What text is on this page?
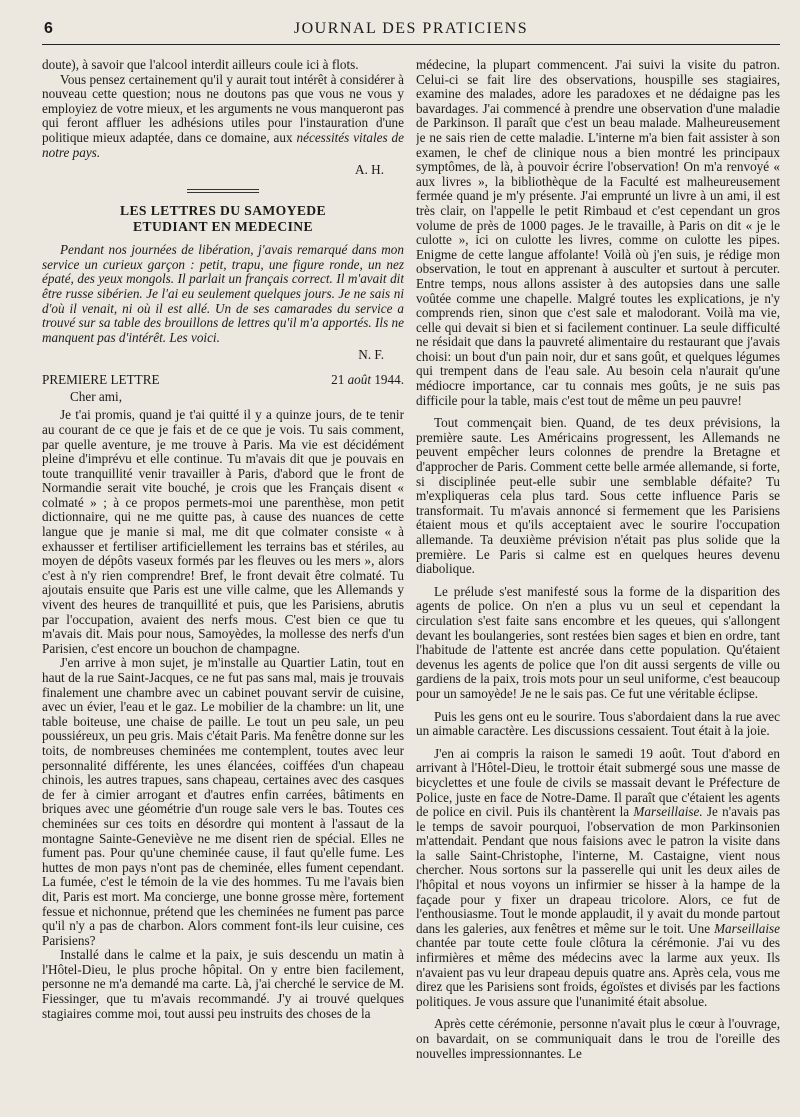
6	JOURNAL DES PRATICIENS

doute), à savoir que l'alcool interdit ailleurs coule ici à flots.

Vous pensez certainement qu'il y aurait tout intérêt à considérer à nouveau cette question; nous ne doutons pas que vous ne vous y employiez de votre mieux, et les arguments ne vous manqueront pas qui feront affluer les adhésions utiles pour l'instauration d'une politique mieux adaptée, dans ce domaine, aux nécessités vitales de notre pays.

A. H.
LES LETTRES DU SAMOYEDE
ETUDIANT EN MEDECINE

Pendant nos journées de libération, j'avais remarqué dans mon service un curieux garçon : petit, trapu, une figure ronde, un nez épaté, des yeux mongols. Il parlait un français correct. Il m'avait dit être russe sibérien. Je l'ai eu seulement quelques jours. Je ne sais ni d'où il venait, ni où il est allé. Un de ses camarades du service a trouvé sur sa table des brouillons de lettres qu'il m'a apportés. Ils ne manquent pas d'intérêt. Les voici.

N. F.
PREMIERE LETTRE	21 août 1944.
Cher ami,

Je t'ai promis, quand je t'ai quitté il y a quinze jours, de te tenir au courant de ce que je fais et de ce que je vois. Tu sais comment, par quelle aventure, je me trouve à Paris. Ma vie est décidément pleine d'imprévu et elle continue. Tu m'avais dit que je pouvais en toute tranquillité venir travailler à Paris, d'abord que le front de Normandie serait vite bouché, je crois que les Français disent « colmaté » ; à ce propos permets-moi une parenthèse, mon petit dictionnaire, qui ne me quitte pas, à cause des nuances de cette langue que je manie si mal, me dit que colmater consiste « à exhausser et fertiliser artificiellement les terrains bas et stériles, au moyen de dépôts vaseux formés par les fleuves ou les mers », alors c'est à n'y rien comprendre! Bref, le front devait être colmaté. Tu ajoutais ensuite que Paris est une ville calme, que les Allemands y vivent des heures de tranquillité et puis, que les Parisiens, abrutis par l'occupation, avaient des nerfs mous. C'est bien ce que tu m'avais dit. Mais pour nous, Samoyèdes, la mollesse des nerfs d'un Parisien, c'est encore un bouchon de champagne.

J'en arrive à mon sujet, je m'installe au Quartier Latin, tout en haut de la rue Saint-Jacques, ce ne fut pas sans mal, mais je trouvais finalement une chambre avec un cabinet pouvant servir de cuisine, avec un évier, l'eau et le gaz. Le mobilier de la chambre: un lit, une table boiteuse, une chaise de paille. Le tout un peu sale, un peu poussiéreux, un peu gris. Mais c'était Paris. Ma fenêtre donne sur les toits, de nombreuses cheminées me contemplent, toutes avec leur personnalité différente, les unes élancées, coiffées d'un chapeau chinois, les autres trapues, sans chapeau, certaines avec des casques de fer à cimier arrogant et d'autres enfin carrées, bâtiments en briques avec une géométrie d'un rouge sale vers le bas. Toutes ces cheminées sur ces toits en désordre qui montent à l'assaut de la montagne Sainte-Geneviève ne me disent rien de spécial. Elles ne fument pas. Pour qu'une cheminée cause, il faut qu'elle fume. Les huttes de mon pays n'ont pas de cheminée, elles fument cependant. La fumée, c'est le témoin de la vie des hommes. Tu me l'avais bien dit, Paris est mort. Ma concierge, une bonne grosse mère, fortement fessue et nichonnue, prétend que les cheminées ne fument pas parce qu'il n'y a pas de charbon. Alors comment font-ils leur cuisine, ces Parisiens?

Installé dans le calme et la paix, je suis descendu un matin à l'Hôtel-Dieu, le plus proche hôpital. On y entre bien facilement, personne ne m'a demandé ma carte. Là, j'ai cherché le service de M. Fiessinger, que tu m'avais recommandé. J'y ai trouvé quelques stagiaires comme moi, tout aussi peu instruits des choses de la

médecine, la plupart commencent. J'ai suivi la visite du patron. Celui-ci se fait lire des observations, houspille ses stagiaires, examine des malades, adore les paradoxes et ne dédaigne pas les bavardages. J'ai commencé à prendre une observation d'une maladie de Parkinson. Il paraît que c'est un beau malade. Malheureusement je ne sais rien de cette maladie. L'interne m'a bien fait assister à son examen, le chef de clinique nous a bien montré les principaux symptômes, de là, à pouvoir écrire l'observation! On m'a renvoyé « aux livres », la bibliothèque de la Faculté est malheureusement fermée quand je m'y présente. J'ai emprunté un livre à un ami, il est très clair, on l'appelle le petit Rimbaud et c'est cependant un gros volume de près de 1000 pages. Je le travaille, à Paris on dit « je le culotte », ici on culotte les livres, comme on culotte les pipes. Enigme de cette langue affolante! Voilà où j'en suis, je rédige mon observation, le tout en apprenant à ausculter et surtout à percuter. Entre temps, nous allons assister à des autopsies dans une salle voûtée comme une chapelle. Malgré toutes les explications, je n'y comprends rien, sinon que c'est sale et malodorant. Voilà ma vie, celle qui devait si bien et si facilement continuer. La seule difficulté ne résidait que dans la pauvreté alimentaire du restaurant que j'avais choisi: un bout d'un pain noir, dur et sans goût, et quelques légumes qui trempent dans de l'eau sale. Au besoin cela n'aurait qu'une médiocre importance, car tu connais mes goûts, je ne suis pas difficile pour la table, mais c'est tout de même un peu pauvre!

Tout commençait bien. Quand, de tes deux prévisions, la première saute. Les Américains progressent, les Allemands ne peuvent empêcher leurs colonnes de prendre la Bretagne et d'approcher de Paris. Comment cette belle armée allemande, si forte, si disciplinée peut-elle subir une semblable défaite? Tu m'expliqueras cela plus tard. Sous cette influence Paris se transformait. Tu m'avais annoncé si fermement que les Parisiens étaient mous et qu'ils acceptaient avec le sourire l'occupation allemande. Ta deuxième prévision n'était pas plus solide que la première. Le Paris si calme est en quelques heures devenu diabolique.

Le prélude s'est manifesté sous la forme de la disparition des agents de police. On n'en a plus vu un seul et cependant la circulation s'est faite sans encombre et les queues, qui s'allongent devant les boulangeries, sont restées bien sages et bien en ordre, tant l'habitude de l'attente est ancrée dans cette population. Qu'étaient devenus les agents de police que l'on dit aussi sergents de ville ou gardiens de la paix, trois mots pour un seul uniforme, c'est beaucoup pour un samoyède! Je ne le sais pas. Ce fut une véritable éclipse.

Puis les gens ont eu le sourire. Tous s'abordaient dans la rue avec un aimable caractère. Les discussions cessaient. Tout était à la joie.

J'en ai compris la raison le samedi 19 août. Tout d'abord en arrivant à l'Hôtel-Dieu, le trottoir était submergé sous une masse de bicyclettes et une foule de civils se massait devant le Préfecture de Police, juste en face de Notre-Dame. Il paraît que c'étaient les agents de police en civil. Puis ils chantèrent la Marseillaise. Je n'avais pas le temps de savoir pourquoi, l'observation de mon Parkinsonien m'attendait. Pendant que nous faisions avec le patron la visite dans la salle Saint-Christophe, l'interne, M. Castaigne, vient nous chercher. Nous sortons sur la passerelle qui unit les deux ailes de l'hôpital et nous voyons un infirmier se hisser à la hampe de la façade pour y fixer un drapeau tricolore. Alors, ce fut de l'enthousiasme. Tout le monde applaudit, il y avait du monde partout dans les galeries, aux fenêtres et même sur le toit. Une Marseillaise chantée par toute cette foule clôtura la cérémonie. J'ai vu des infirmières et même des médecins avec la larme aux yeux. Ils n'avaient pas vu leur drapeau depuis quatre ans. Après cela, vous me direz que les Parisiens sont froids, égoïstes et divisés par les factions politiques. Je vous assure que l'unanimité était absolue.

Après cette cérémonie, personne n'avait plus le cœur à l'ouvrage, on bavardait, on se communiquait dans le trou de l'oreille des nouvelles impressionnantes. Le
